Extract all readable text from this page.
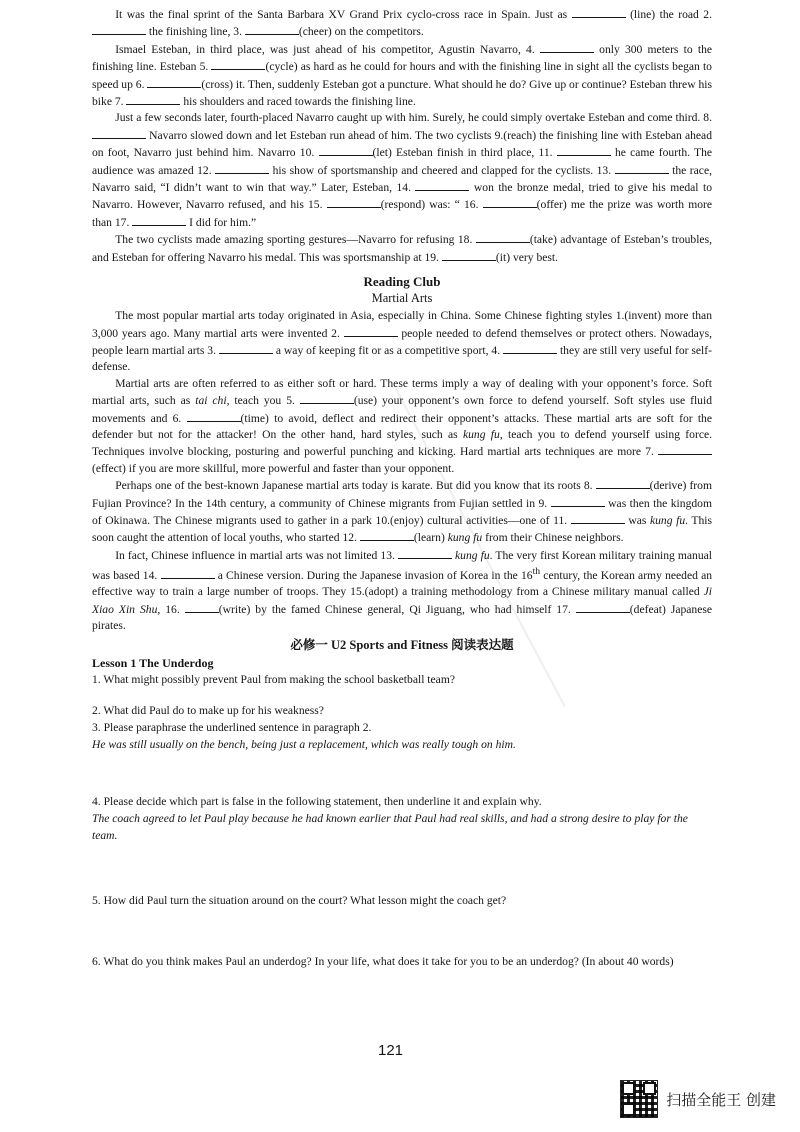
It was the final sprint of the Santa Barbara XV Grand Prix cyclo-cross race in Spain. Just as	(line) the road 2.  the finishing line, 3.	(cheer) on the competitors.

Ismael Esteban, in third place, was just ahead of his competitor, Agustin Navarro, 4.	only 300 meters to the finishing line. Esteban 5.	(cycle) as hard as he could for hours and with the finishing line in sight all the cyclists began to speed up 6.	(cross) it. Then, suddenly Esteban got a puncture. What should he do? Give up or continue? Esteban threw his bike 7.	his shoulders and raced towards the finishing line.

Just a few seconds later, fourth-placed Navarro caught up with him. Surely, he could simply overtake Esteban and come third. 8.  Navarro slowed down and let Esteban run ahead of him. The two cyclists 9.(reach) the finishing line with Esteban ahead on foot, Navarro just behind him. Navarro 10.	(let) Esteban finish in third place, 11.	he came fourth. The audience was amazed 12.	his show of sportsmanship and cheered and clapped for the cyclists. 13.	the race, Navarro said, “I didn’t want to win that way.” Later, Esteban, 14.	won the bronze medal, tried to give his medal to Navarro. However, Navarro refused, and his 15.	(respond) was: “ 16.	(offer) me the prize was worth more than 17.	I did for him.”

The two cyclists made amazing sporting gestures—Navarro for refusing 18.	(take) advantage of Esteban’s troubles, and Esteban for offering Navarro his medal. This was sportsmanship at 19.	(it) very best.

Reading Club
Martial Arts

The most popular martial arts today originated in Asia, especially in China. Some Chinese fighting styles 1.(invent) more than 3,000 years ago. Many martial arts were invented 2.	people needed to defend themselves or protect others. Nowadays, people learn martial arts 3.	a way of keeping fit or as a competitive sport, 4.	they are still very useful for self-defense.

Martial arts are often referred to as either soft or hard. These terms imply a way of dealing with your opponent’s force. Soft martial arts, such as tai chi, teach you 5.	(use) your opponent’s own force to defend yourself. Soft styles use fluid movements and 6.	(time) to avoid, deflect and redirect their opponent’s attacks. These martial arts are soft for the defender but not for the attacker! On the other hand, hard styles, such as kung fu, teach you to defend yourself using force. Techniques involve blocking, posturing and powerful punching and kicking. Hard martial arts techniques are more 7. (effect) if you are more skillful, more powerful and faster than your opponent.

Perhaps one of the best-known Japanese martial arts today is karate. But did you know that its roots 8.	(derive) from Fujian Province? In the 14th century, a community of Chinese migrants from Fujian settled in 9.	was then the kingdom of Okinawa. The Chinese migrants used to gather in a park 10.(enjoy) cultural activities—one of 11.	was kung fu. This soon caught the attention of local youths, who started 12.	(learn) kung fu from their Chinese neighbors.

In fact, Chinese influence in martial arts was not limited 13.	kung fu. The very first Korean military training manual was based 14.	a Chinese version. During the Japanese invasion of Korea in the 16th century, the Korean army needed an effective way to train a large number of troops. They 15.(adopt) a training methodology from a Chinese military manual called Ji Xiao Xin Shu, 16.	(write) by the famed Chinese general, Qi Jiguang, who had himself 17.	(defeat) Japanese pirates.

必修一 U2 Sports and Fitness 阅读表达题
Lesson 1 The Underdog

1. What might possibly prevent Paul from making the school basketball team?

2. What did Paul do to make up for his weakness?

3. Please paraphrase the underlined sentence in paragraph 2.

He was still usually on the bench, being just a replacement, which was really tough on him.

4. Please decide which part is false in the following statement, then underline it and explain why.

The coach agreed to let Paul play because he had known earlier that Paul had real skills, and had a strong desire to play for the team.

5. How did Paul turn the situation around on the court? What lesson might the coach get?

6. What do you think makes Paul an underdog? In your life, what does it take for you to be an underdog? (In about 40 words)

121
扫描全能王 创建
